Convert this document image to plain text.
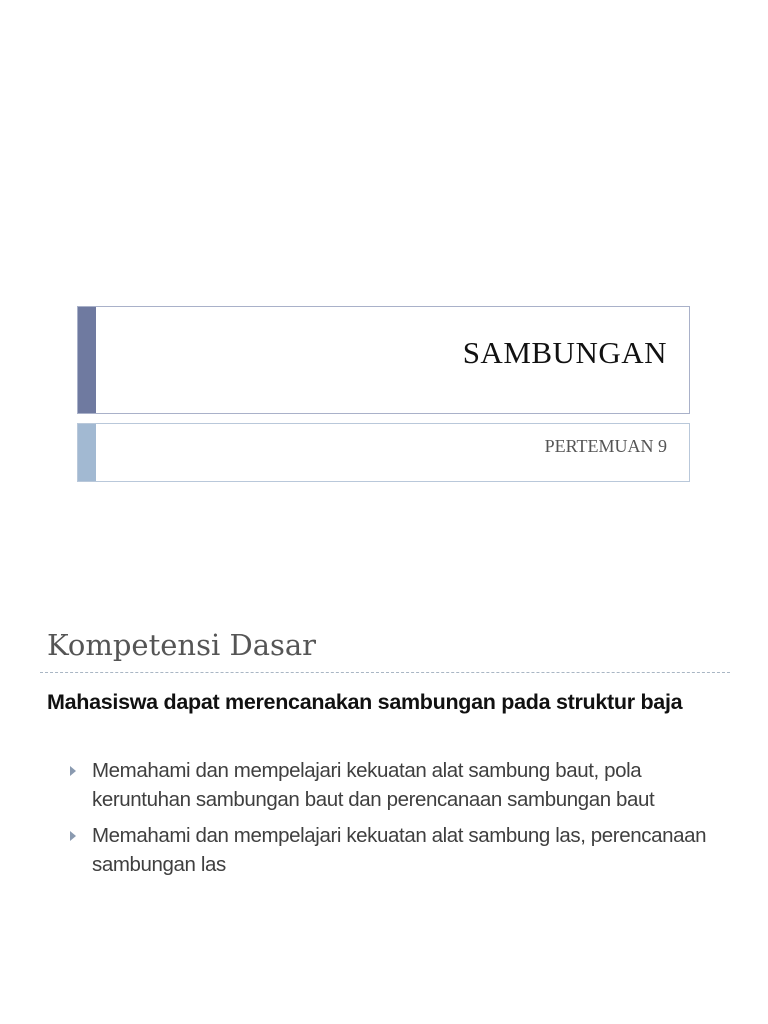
SAMBUNGAN
PERTEMUAN 9
Kompetensi Dasar
Mahasiswa dapat merencanakan sambungan pada struktur baja
Memahami dan mempelajari kekuatan alat sambung baut, pola keruntuhan sambungan baut dan perencanaan sambungan baut
Memahami dan mempelajari kekuatan alat sambung las, perencanaan sambungan las
